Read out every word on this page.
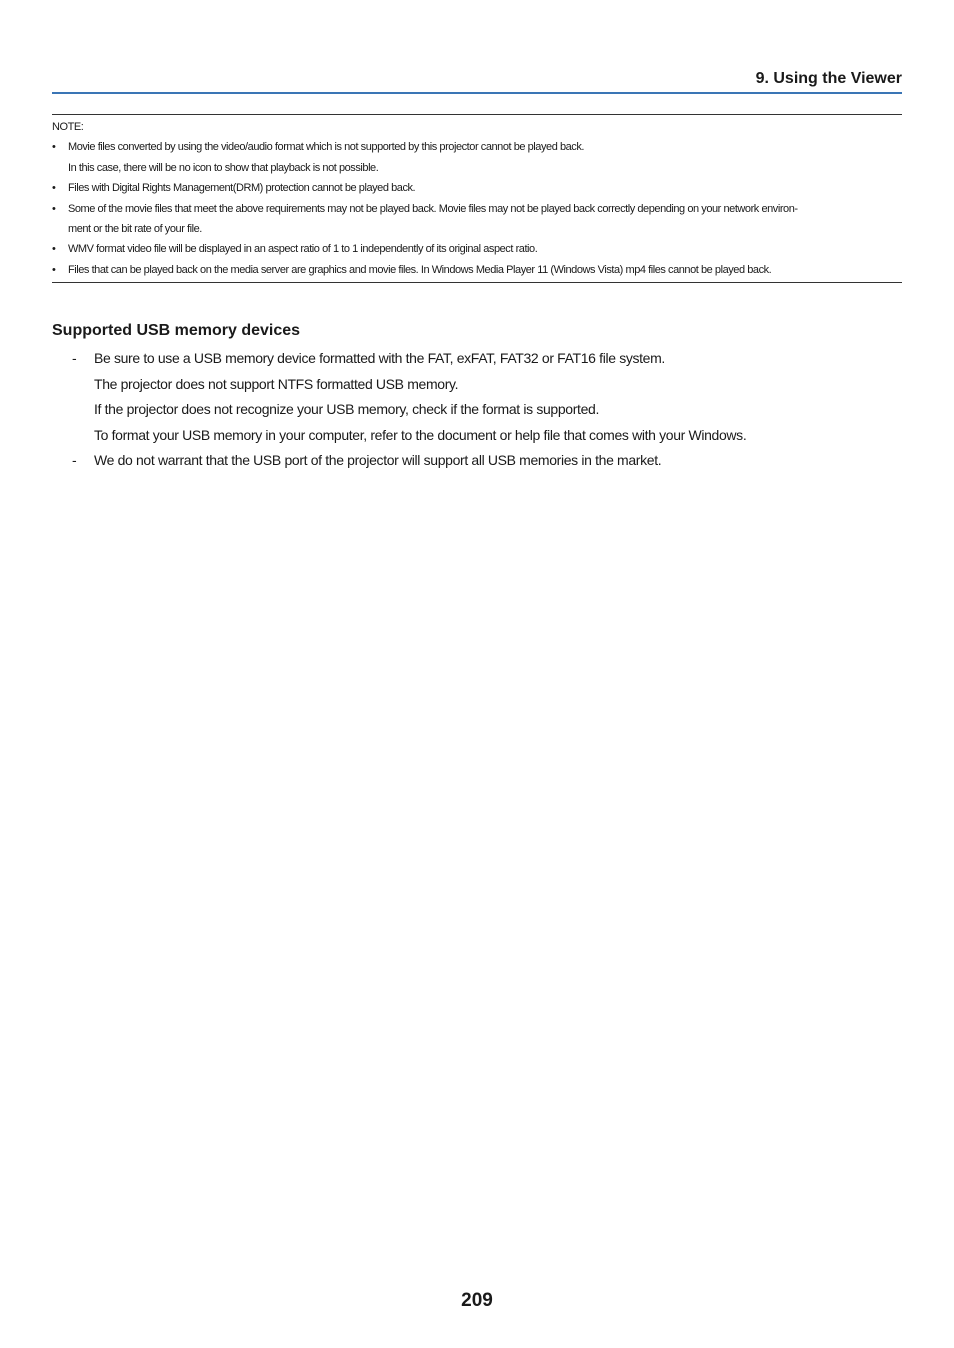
9. Using the Viewer
NOTE:
• Movie files converted by using the video/audio format which is not supported by this projector cannot be played back.
In this case, there will be no icon to show that playback is not possible.
• Files with Digital Rights Management(DRM) protection cannot be played back.
• Some of the movie files that meet the above requirements may not be played back. Movie files may not be played back correctly depending on your network environ-
ment or the bit rate of your file.
• WMV format video file will be displayed in an aspect ratio of 1 to 1 independently of its original aspect ratio.
• Files that can be played back on the media server are graphics and movie files. In Windows Media Player 11 (Windows Vista) mp4 files cannot be played back.
Supported USB memory devices
- Be sure to use a USB memory device formatted with the FAT, exFAT, FAT32 or FAT16 file system.
The projector does not support NTFS formatted USB memory.
If the projector does not recognize your USB memory, check if the format is supported.
To format your USB memory in your computer, refer to the document or help file that comes with your Windows.
- We do not warrant that the USB port of the projector will support all USB memories in the market.
209
